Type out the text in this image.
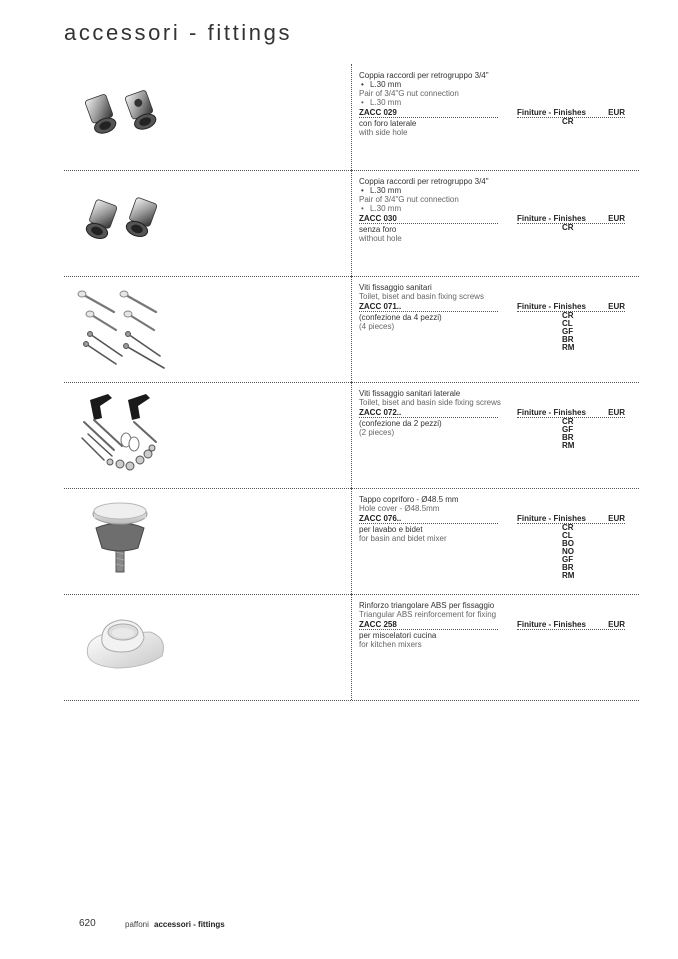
accessori - fittings

Coppia raccordi per retrogruppo 3/4"

• L.30 mm

Pair of 3/4"G nut connection

• L.30 mm

ZACC 029	Finiture - Finishes	EUR

con foro laterale

with side hole

CR

Coppia raccordi per retrogruppo 3/4"

• L.30 mm

Pair of 3/4"G nut connection

• L.30 mm

ZACC 030	Finiture - Finishes	EUR

senza foro

without hole

CR

Viti fissaggio sanitari

Toilet, biset and basin fixing screws

ZACC 071..	Finiture - Finishes	EUR

(confezione da 4 pezzi)

(4 pieces)

CR
CL
GF
BR
RM

Viti fissaggio sanitari laterale

Toilet, biset and basin side fixing screws

ZACC 072..	Finiture - Finishes	EUR

(confezione da 2 pezzi)

(2 pieces)

CR
GF
BR
RM

Tappo copriforo - Ø48.5 mm

Hole cover - Ø48.5mm

ZACC 076..	Finiture - Finishes	EUR

per lavabo e bidet

for basin and bidet mixer

CR
CL
BO
NO
GF
BR
RM

Rinforzo triangolare ABS per fissaggio

Triangular ABS reinforcement for fixing

ZACC 258	Finiture - Finishes	EUR

per miscelatori cucina

for kitchen mixers

620	paffoni accessori - fittings
